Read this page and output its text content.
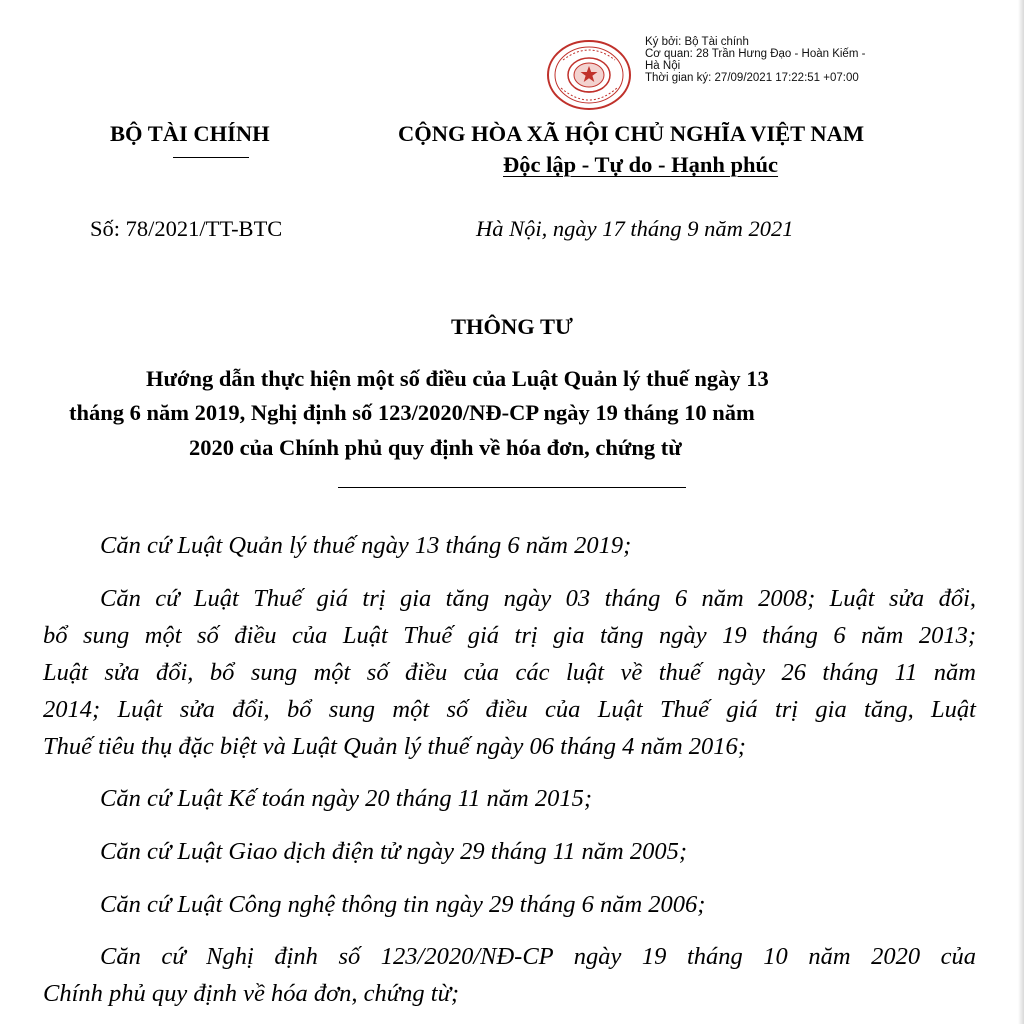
Ký bởi: Bộ Tài chính
Cơ quan: 28 Trần Hưng Đạo - Hoàn Kiếm -
Hà Nội
Thời gian ký: 27/09/2021 17:22:51 +07:00
BỘ TÀI CHÍNH	CỘNG HÒA XÃ HỘI CHỦ NGHĨA VIỆT NAM
Độc lập - Tự do - Hạnh phúc
Số: 78/2021/TT-BTC	Hà Nội, ngày 17 tháng 9 năm 2021
THÔNG TƯ
Hướng dẫn thực hiện một số điều của Luật Quản lý thuế ngày 13
tháng 6 năm 2019, Nghị định số 123/2020/NĐ-CP ngày 19 tháng 10 năm
2020 của Chính phủ quy định về hóa đơn, chứng từ
Căn cứ Luật Quản lý thuế ngày 13 tháng 6 năm 2019;
Căn cứ Luật Thuế giá trị gia tăng ngày 03 tháng 6 năm 2008; Luật sửa đổi,
bổ sung một số điều của Luật Thuế giá trị gia tăng ngày 19 tháng 6 năm 2013;
Luật sửa đổi, bổ sung một số điều của các luật về thuế ngày 26 tháng 11 năm
2014; Luật sửa đổi, bổ sung một số điều của Luật Thuế giá trị gia tăng, Luật
Thuế tiêu thụ đặc biệt và Luật Quản lý thuế ngày 06 tháng 4 năm 2016;
Căn cứ Luật Kế toán ngày 20 tháng 11 năm 2015;
Căn cứ Luật Giao dịch điện tử ngày 29 tháng 11 năm 2005;
Căn cứ Luật Công nghệ thông tin ngày 29 tháng 6 năm 2006;
Căn cứ Nghị định số 123/2020/NĐ-CP ngày 19 tháng 10 năm 2020 của
Chính phủ quy định về hóa đơn, chứng từ;
